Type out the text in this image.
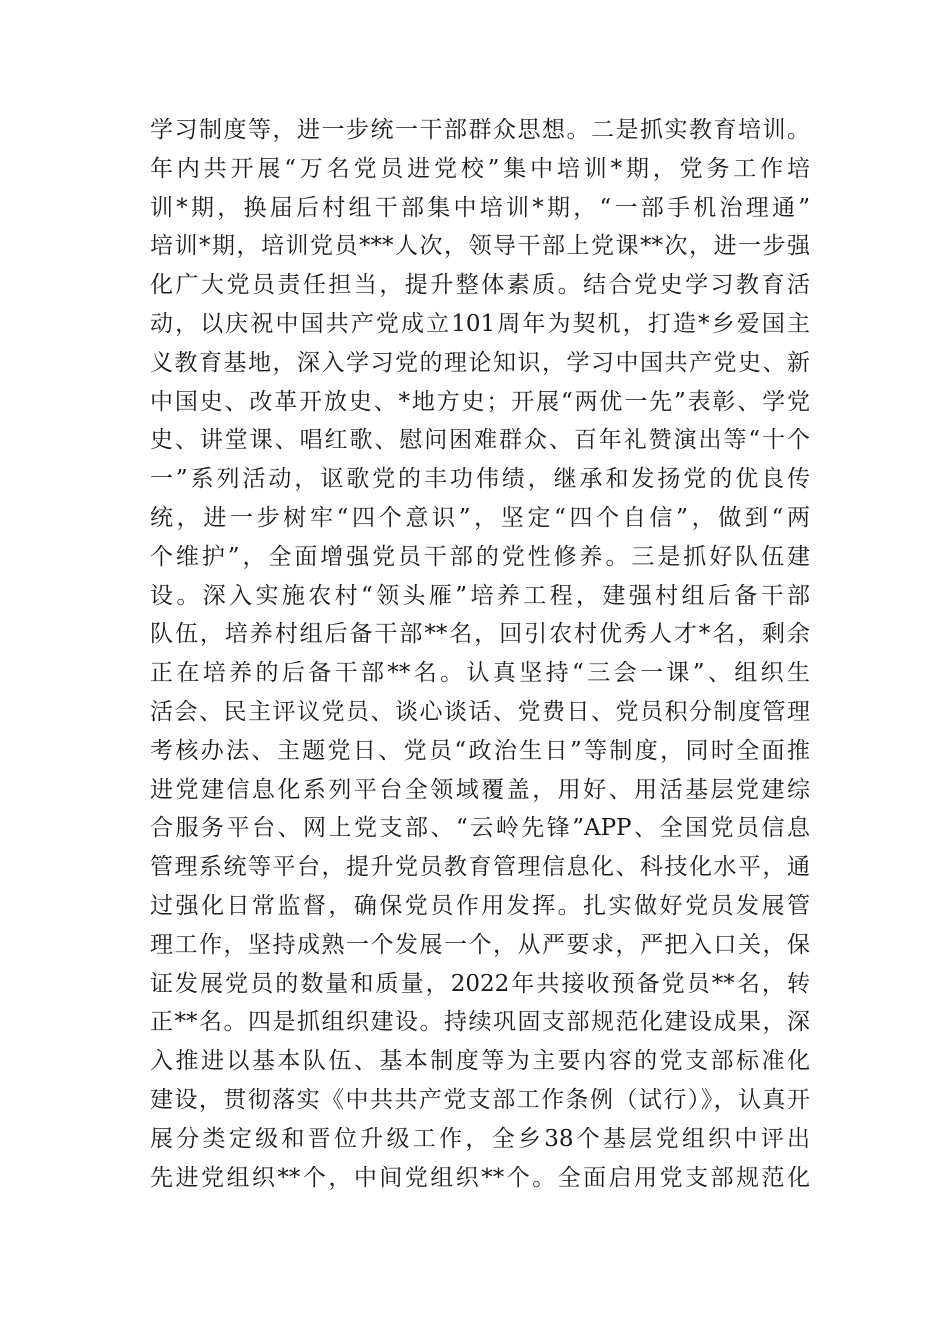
学习制度等，进一步统一干部群众思想。二是抓实教育培训。
年内共开展“万名党员进党校”集中培训*期，党务工作培
训*期，换届后村组干部集中培训*期，“一部手机治理通”
培训*期，培训党员***人次，领导干部上党课**次，进一步强
化广大党员责任担当，提升整体素质。结合党史学习教育活
动，以庆祝中国共产党成立101周年为契机，打造*乡爱国主
义教育基地，深入学习党的理论知识，学习中国共产党史、新
中国史、改革开放史、*地方史；开展“两优一先”表彰、学党
史、讲堂课、唱红歌、慰问困难群众、百年礼赞演出等“十个
一”系列活动，讴歌党的丰功伟绩，继承和发扬党的优良传
统，进一步树牢“四个意识”，坚定“四个自信”，做到“两
个维护”，全面增强党员干部的党性修养。三是抓好队伍建
设。深入实施农村“领头雁”培养工程，建强村组后备干部
队伍，培养村组后备干部**名，回引农村优秀人才*名，剩余
正在培养的后备干部**名。认真坚持“三会一课”、组织生
活会、民主评议党员、谈心谈话、党费日、党员积分制度管理
考核办法、主题党日、党员“政治生日”等制度，同时全面推
进党建信息化系列平台全领域覆盖，用好、用活基层党建综
合服务平台、网上党支部、“云岭先锋”APP、全国党员信息
管理系统等平台，提升党员教育管理信息化、科技化水平，通
过强化日常监督，确保党员作用发挥。扎实做好党员发展管
理工作，坚持成熟一个发展一个，从严要求，严把入口关，保
证发展党员的数量和质量，2022年共接收预备党员**名，转
正**名。四是抓组织建设。持续巩固支部规范化建设成果，深
入推进以基本队伍、基本制度等为主要内容的党支部标准化
建设，贯彻落实《中共共产党支部工作条例（试行）》，认真开
展分类定级和晋位升级工作，全乡38个基层党组织中评出
先进党组织**个，中间党组织**个。全面启用党支部规范化
